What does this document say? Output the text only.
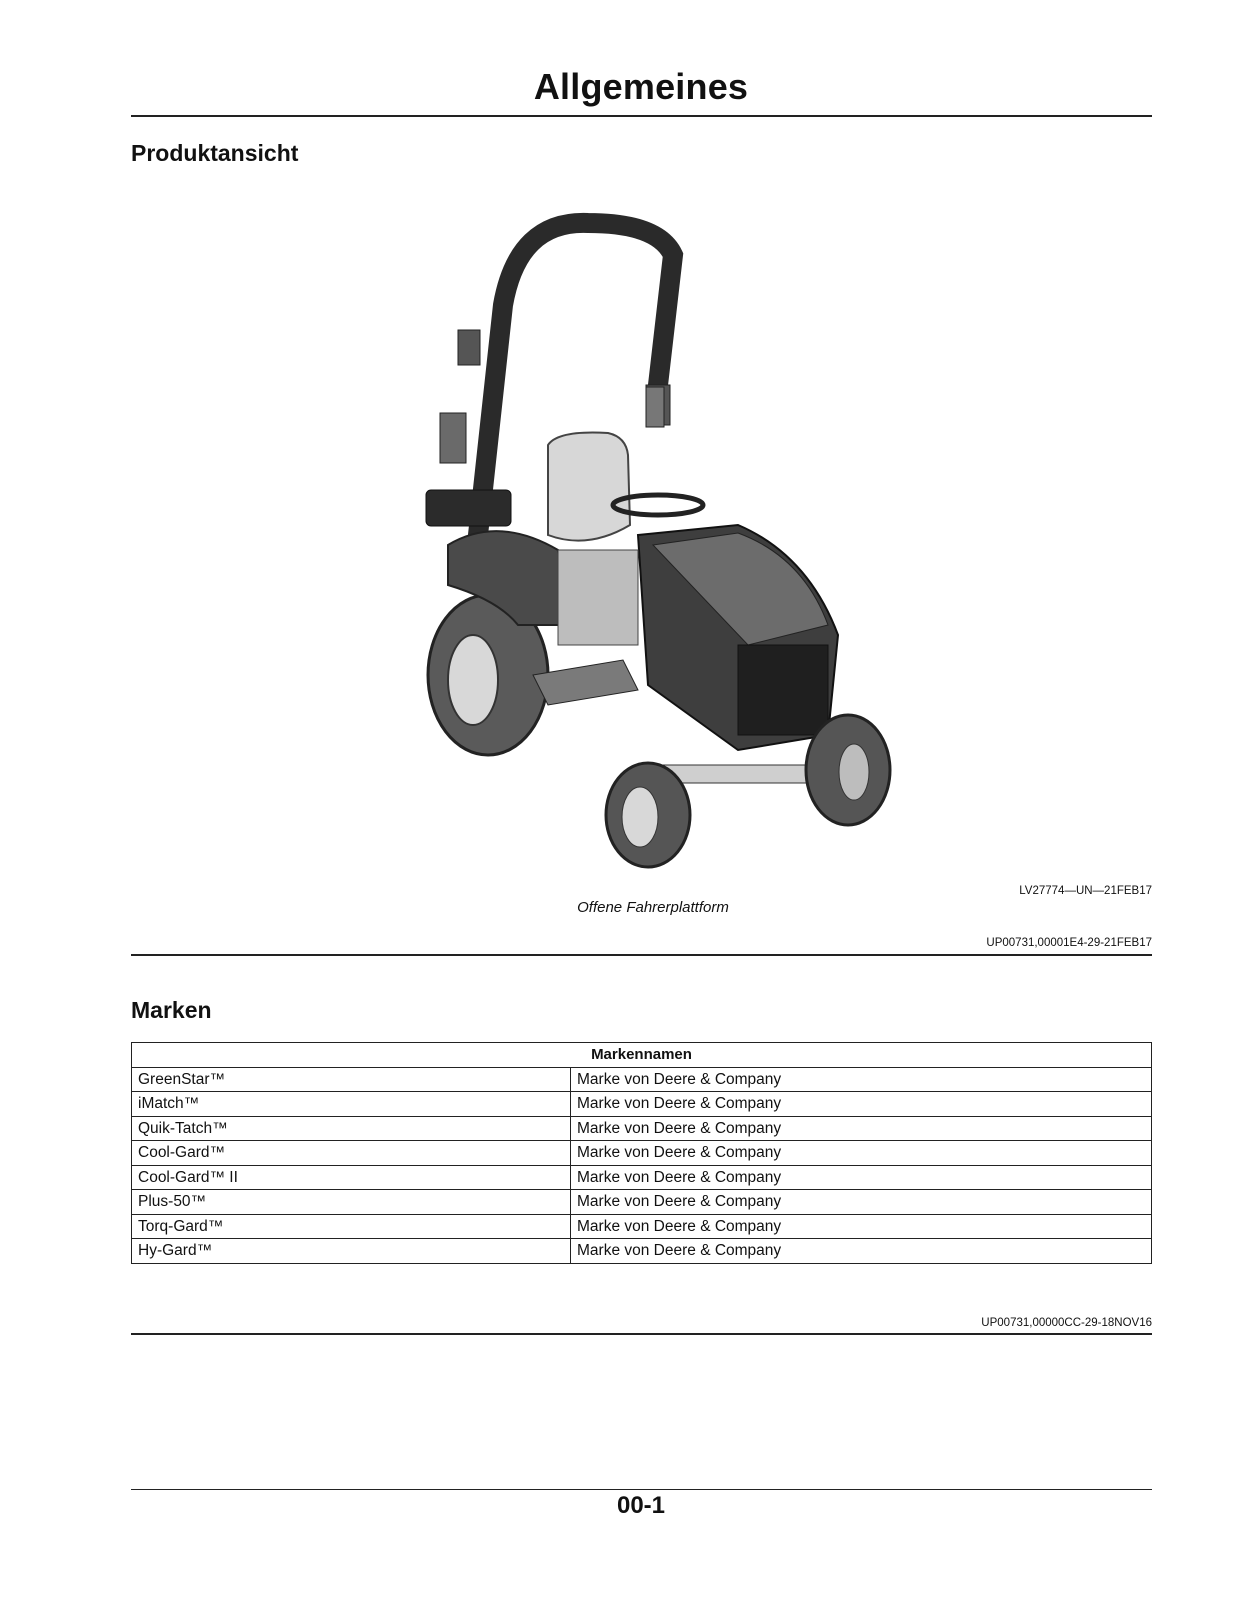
Allgemeines
Produktansicht
LV27774—UN—21FEB17
Offene Fahrerplattform
UP00731,00001E4-29-21FEB17
Marken
Markennamen	
GreenStar™	Marke von Deere & Company
iMatch™	Marke von Deere & Company
Quik-Tatch™	Marke von Deere & Company
Cool-Gard™	Marke von Deere & Company
Cool-Gard™ II	Marke von Deere & Company
Plus-50™	Marke von Deere & Company
Torq-Gard™	Marke von Deere & Company
Hy-Gard™	Marke von Deere & Company
UP00731,00000CC-29-18NOV16
00-1
